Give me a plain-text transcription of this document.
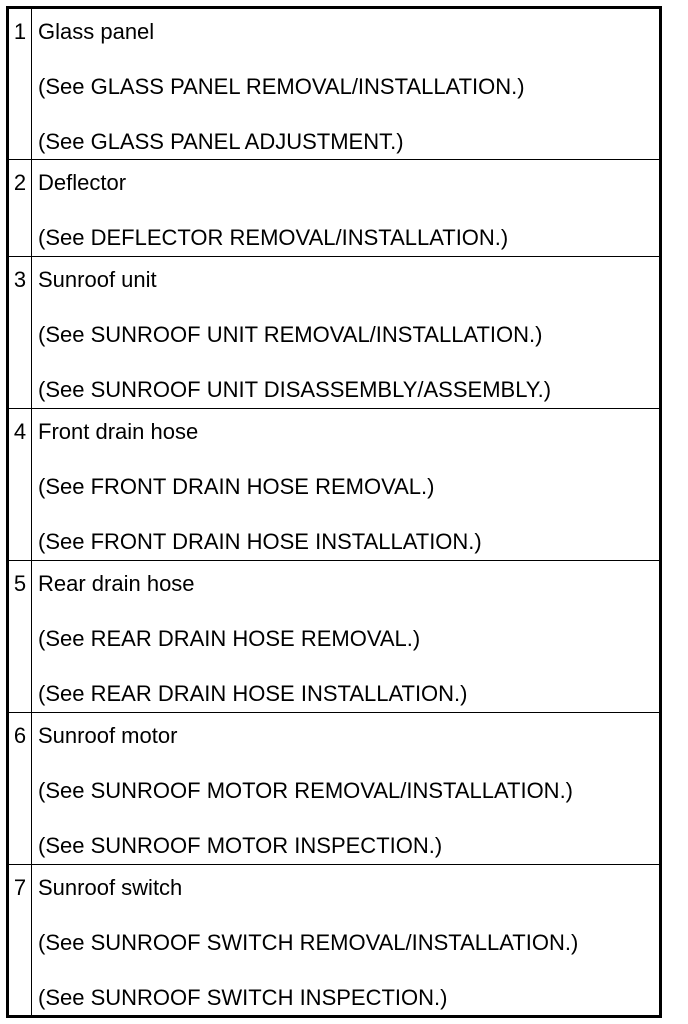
1	Glass panel
(See GLASS PANEL REMOVAL/INSTALLATION.)
(See GLASS PANEL ADJUSTMENT.)

2	Deflector
(See DEFLECTOR REMOVAL/INSTALLATION.)

3	Sunroof unit
(See SUNROOF UNIT REMOVAL/INSTALLATION.)
(See SUNROOF UNIT DISASSEMBLY/ASSEMBLY.)

4	Front drain hose
(See FRONT DRAIN HOSE REMOVAL.)
(See FRONT DRAIN HOSE INSTALLATION.)

5	Rear drain hose
(See REAR DRAIN HOSE REMOVAL.)
(See REAR DRAIN HOSE INSTALLATION.)

6	Sunroof motor
(See SUNROOF MOTOR REMOVAL/INSTALLATION.)
(See SUNROOF MOTOR INSPECTION.)

7	Sunroof switch
(See SUNROOF SWITCH REMOVAL/INSTALLATION.)
(See SUNROOF SWITCH INSPECTION.)
